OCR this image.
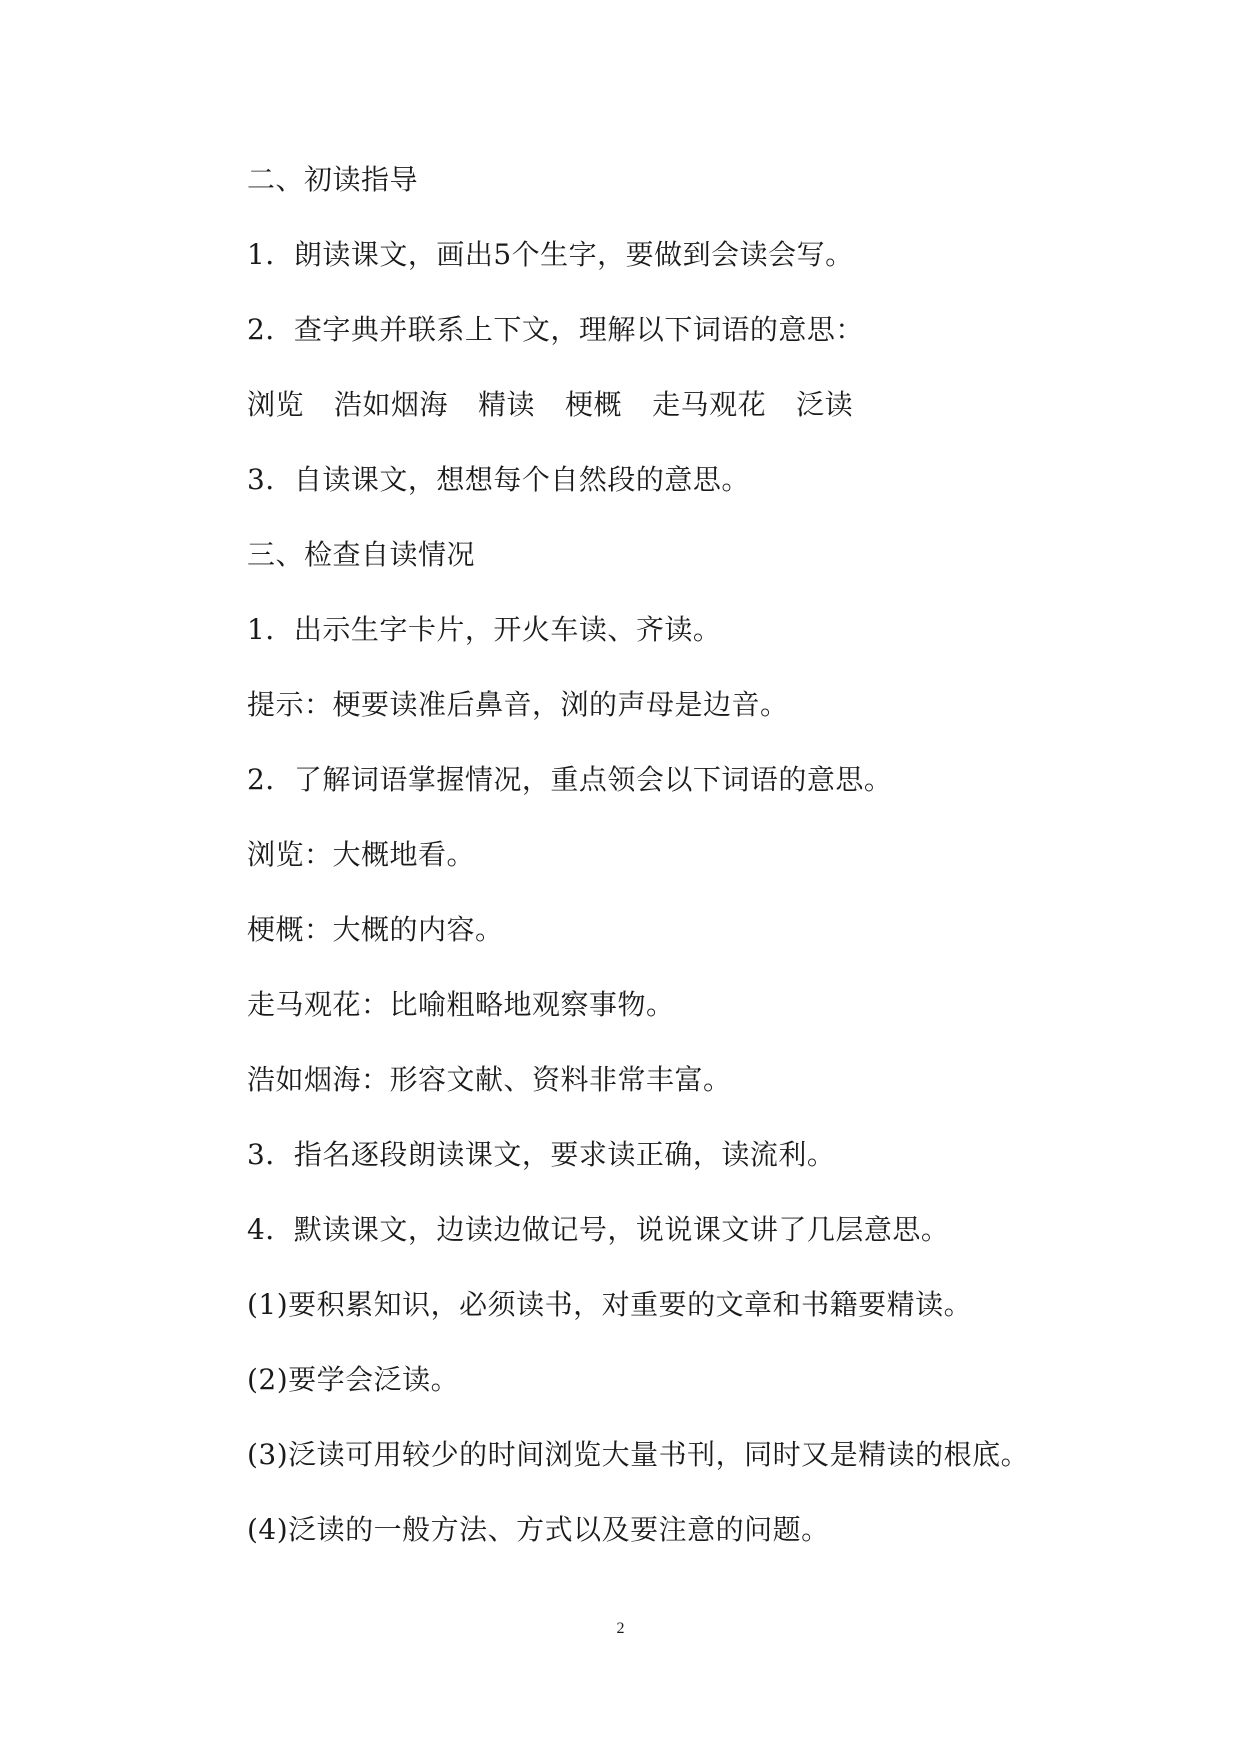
二、初读指导
1．朗读课文，画出5个生字，要做到会读会写。
2．查字典并联系上下文，理解以下词语的意思：
浏览 浩如烟海 精读 梗概 走马观花 泛读
3．自读课文，想想每个自然段的意思。
三、检查自读情况
1．出示生字卡片，开火车读、齐读。
提示：梗要读准后鼻音，浏的声母是边音。
2．了解词语掌握情况，重点领会以下词语的意思。
浏览：大概地看。
梗概：大概的内容。
走马观花：比喻粗略地观察事物。
浩如烟海：形容文献、资料非常丰富。
3．指名逐段朗读课文，要求读正确，读流利。
4．默读课文，边读边做记号，说说课文讲了几层意思。
(1)要积累知识，必须读书，对重要的文章和书籍要精读。
(2)要学会泛读。
(3)泛读可用较少的时间浏览大量书刊，同时又是精读的根底。
(4)泛读的一般方法、方式以及要注意的问题。
2
